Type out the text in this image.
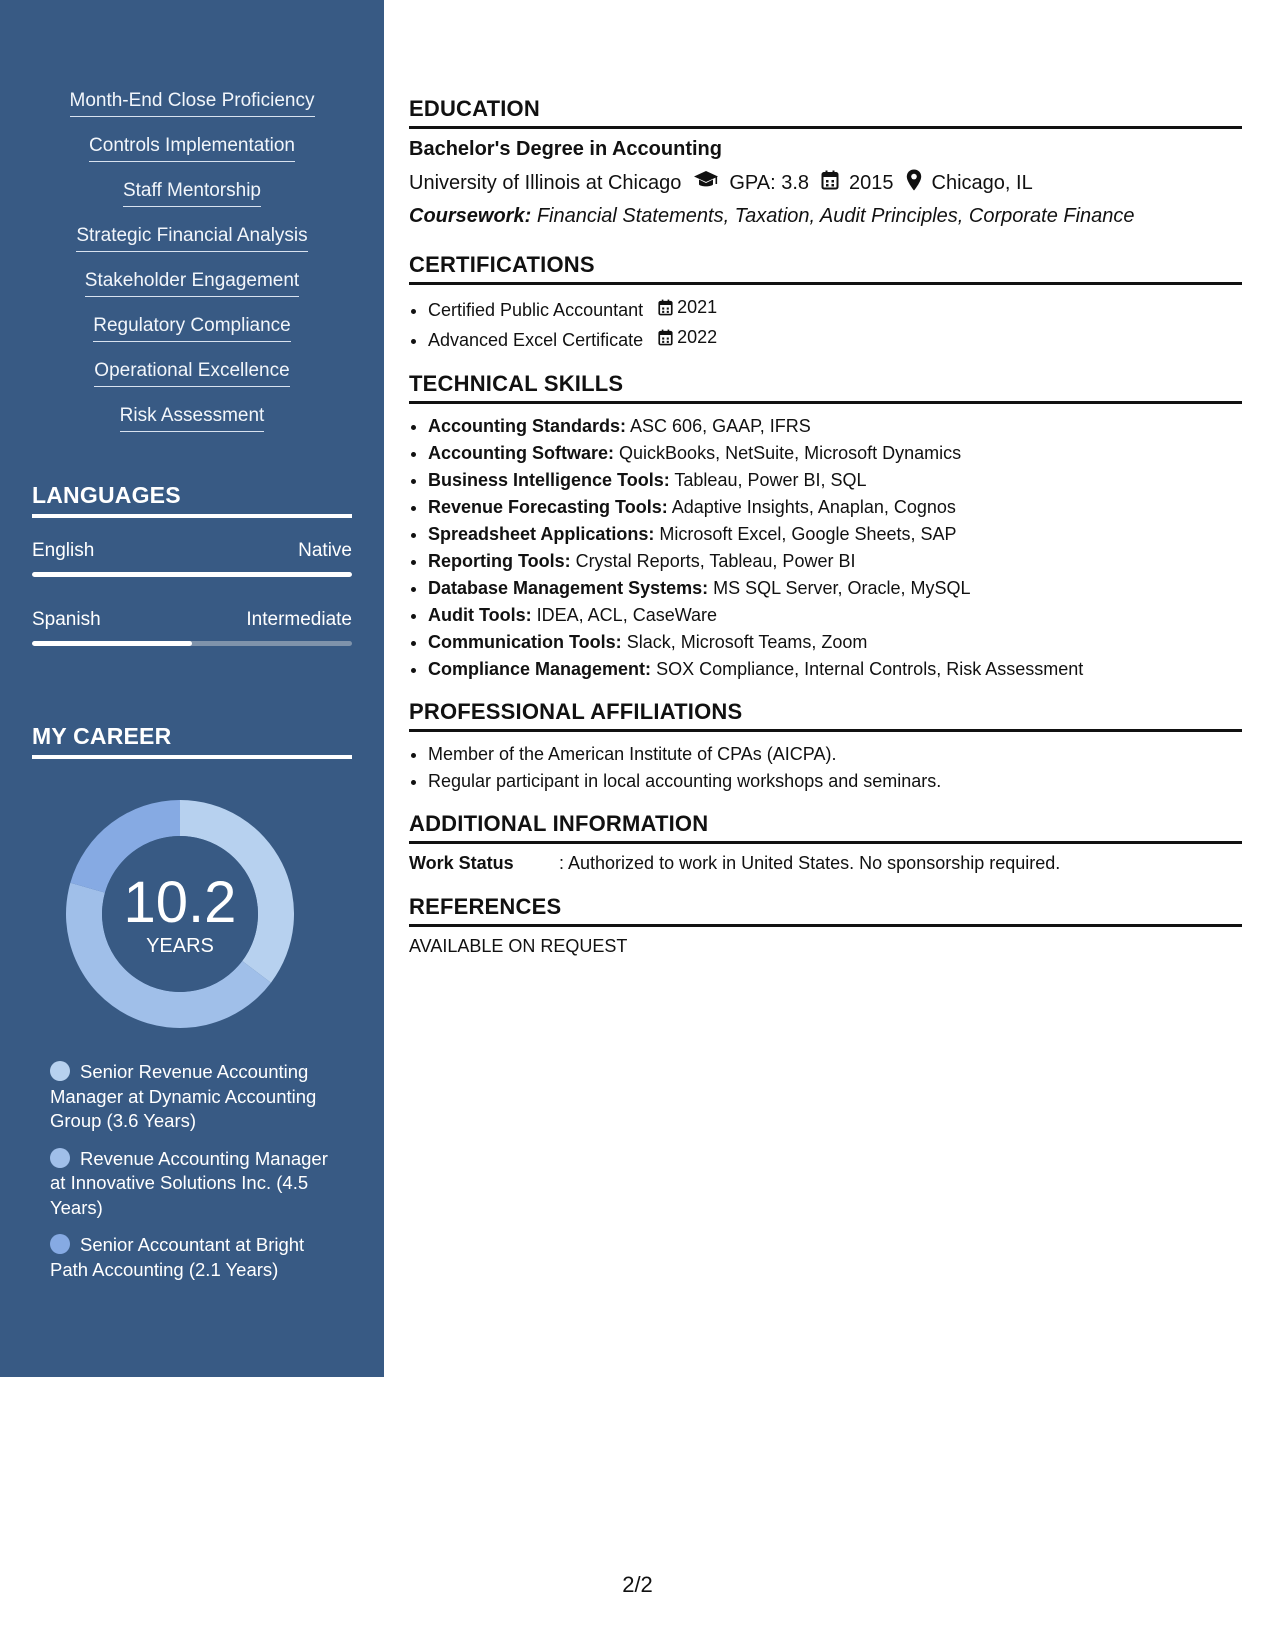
Month-End Close Proficiency
Controls Implementation
Staff Mentorship
Strategic Financial Analysis
Stakeholder Engagement
Regulatory Compliance
Operational Excellence
Risk Assessment
LANGUAGES
English	Native
Spanish	Intermediate
MY CAREER
10.2
YEARS
Senior Revenue Accounting Manager at Dynamic Accounting Group (3.6 Years)
Revenue Accounting Manager at Innovative Solutions Inc. (4.5 Years)
Senior Accountant at Bright Path Accounting (2.1 Years)
EDUCATION
Bachelor's Degree in Accounting
University of Illinois at Chicago GPA: 3.8 2015 Chicago, IL
Coursework: Financial Statements, Taxation, Audit Principles, Corporate Finance
CERTIFICATIONS
• Certified Public Accountant 2021
• Advanced Excel Certificate 2022
TECHNICAL SKILLS
• Accounting Standards: ASC 606, GAAP, IFRS
• Accounting Software: QuickBooks, NetSuite, Microsoft Dynamics
• Business Intelligence Tools: Tableau, Power BI, SQL
• Revenue Forecasting Tools: Adaptive Insights, Anaplan, Cognos
• Spreadsheet Applications: Microsoft Excel, Google Sheets, SAP
• Reporting Tools: Crystal Reports, Tableau, Power BI
• Database Management Systems: MS SQL Server, Oracle, MySQL
• Audit Tools: IDEA, ACL, CaseWare
• Communication Tools: Slack, Microsoft Teams, Zoom
• Compliance Management: SOX Compliance, Internal Controls, Risk Assessment
PROFESSIONAL AFFILIATIONS
• Member of the American Institute of CPAs (AICPA).
• Regular participant in local accounting workshops and seminars.
ADDITIONAL INFORMATION
Work Status	: Authorized to work in United States. No sponsorship required.
REFERENCES
AVAILABLE ON REQUEST
2/2
